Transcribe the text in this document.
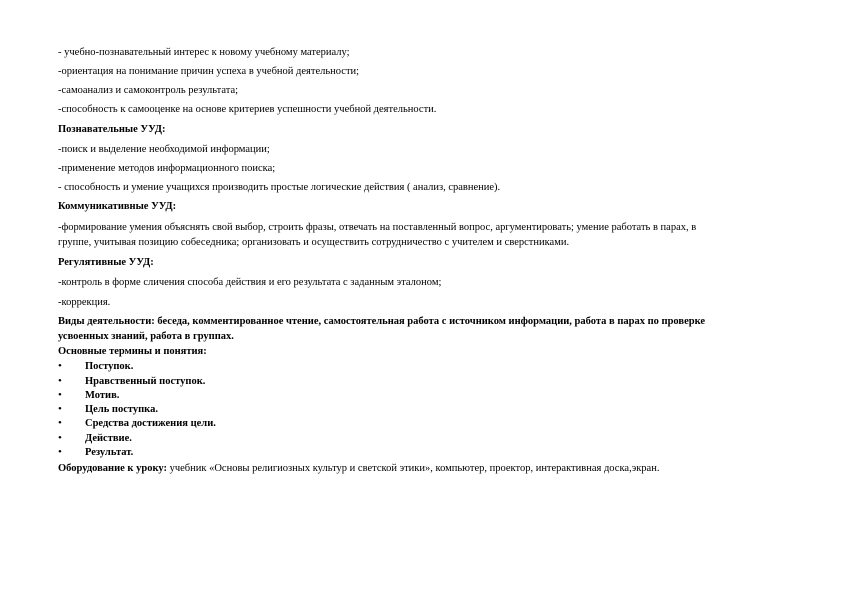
- учебно-познавательный интерес к новому учебному материалу;
-ориентация на понимание причин успеха в учебной деятельности;
-самоанализ и самоконтроль результата;
-способность к самооценке на основе критериев успешности учебной деятельности.
Познавательные УУД:
-поиск и выделение необходимой информации;
-применение методов информационного поиска;
- способность и умение учащихся производить простые логические действия ( анализ, сравнение).
Коммуникативные УУД:
-формирование умения объяснять свой выбор, строить фразы, отвечать на поставленный вопрос, аргументировать; умение работать в парах, в
группе, учитывая позицию собеседника; организовать и осуществить сотрудничество с учителем и сверстниками.
Регулятивные УУД:
-контроль в форме сличения способа действия и его результата с заданным эталоном;
-коррекция.
Виды деятельности: беседа, комментированное чтение, самостоятельная работа с источником информации, работа в парах по проверке
усвоенных знаний, работа в группах.
Основные термины и понятия:
• Поступок.
• Нравственный поступок.
• Мотив.
• Цель поступка.
• Средства достижения цели.
• Действие.
• Результат.
Оборудование к уроку: учебник «Основы религиозных культур и светской этики», компьютер, проектор, интерактивная доска,экран.
